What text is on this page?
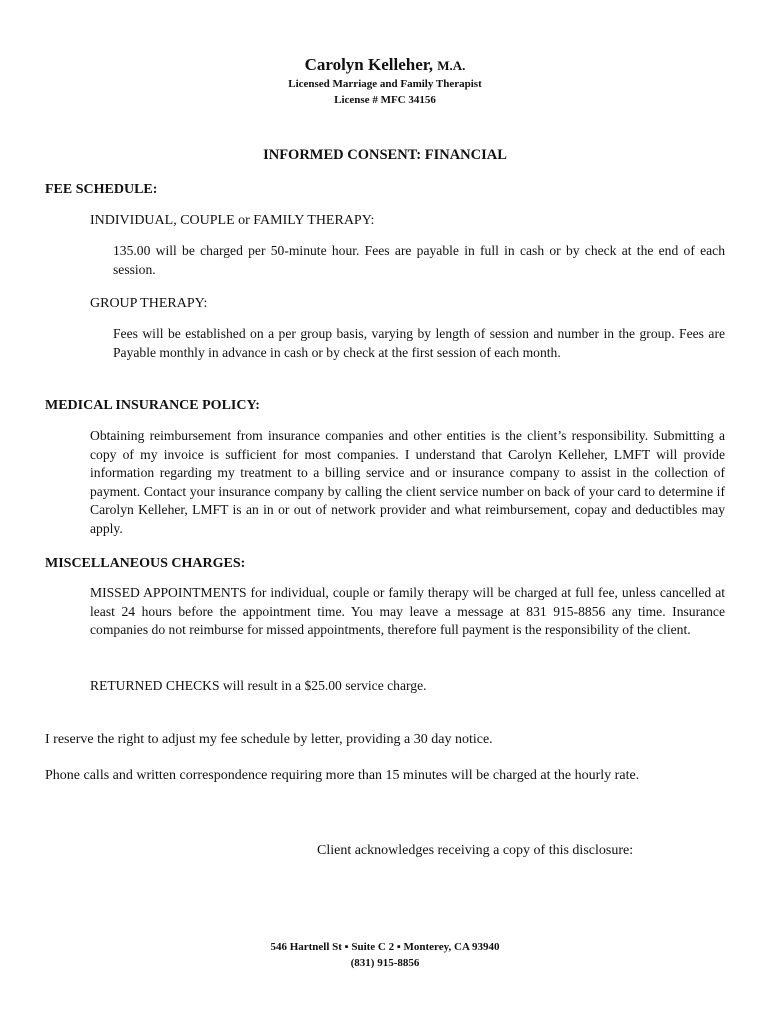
Carolyn Kelleher, M.A.
Licensed Marriage and Family Therapist
License # MFC 34156
INFORMED CONSENT: FINANCIAL
FEE SCHEDULE:
INDIVIDUAL, COUPLE or FAMILY THERAPY:

135.00 will be charged per 50-minute hour. Fees are payable in full in cash or by check at the end of each session.

GROUP THERAPY:

Fees will be established on a per group basis, varying by length of session and number in the group. Fees are Payable monthly in advance in cash or by check at the first session of each month.

MEDICAL INSURANCE POLICY:

Obtaining reimbursement from insurance companies and other entities is the client’s responsibility. Submitting a copy of my invoice is sufficient for most companies. I understand that Carolyn Kelleher, LMFT will provide information regarding my treatment to a billing service and or insurance company to assist in the collection of payment. Contact your insurance company by calling the client service number on back of your card to determine if Carolyn Kelleher, LMFT is an in or out of network provider and what reimbursement, copay and deductibles may apply.

MISCELLANEOUS CHARGES:

MISSED APPOINTMENTS for individual, couple or family therapy will be charged at full fee, unless cancelled at least 24 hours before the appointment time. You may leave a message at 831 915-8856 any time. Insurance companies do not reimburse for missed appointments, therefore full payment is the responsibility of the client.

RETURNED CHECKS will result in a $25.00 service charge.
I reserve the right to adjust my fee schedule by letter, providing a 30 day notice.
Phone calls and written correspondence requiring more than 15 minutes will be charged at the hourly rate.
Client acknowledges receiving a copy of this disclosure:
546 Hartnell St ▪ Suite C 2 ▪ Monterey, CA 93940
(831) 915-8856
